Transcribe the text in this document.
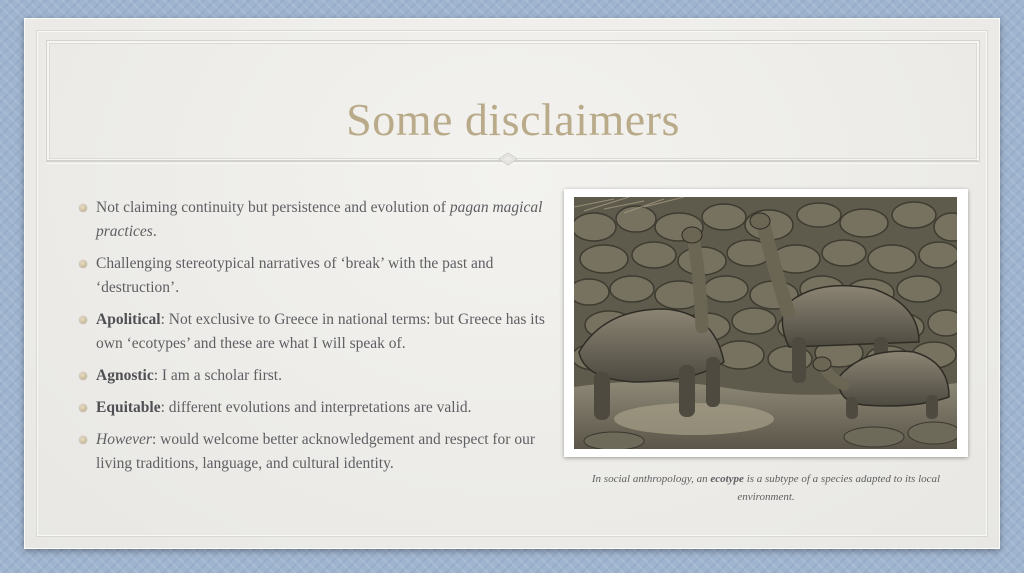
Some disclaimers
Not claiming continuity but persistence and evolution of pagan magical practices.
Challenging stereotypical narratives of ‘break’ with the past and ‘destruction’.
Apolitical: Not exclusive to Greece in national terms: but Greece has its own ‘ecotypes’ and these are what I will speak of.
Agnostic: I am a scholar first.
Equitable: different evolutions and interpretations are valid.
However: would welcome better acknowledgement and respect for our living traditions, language, and cultural identity.
In social anthropology, an ecotype is a subtype of a species adapted to its local environment.
